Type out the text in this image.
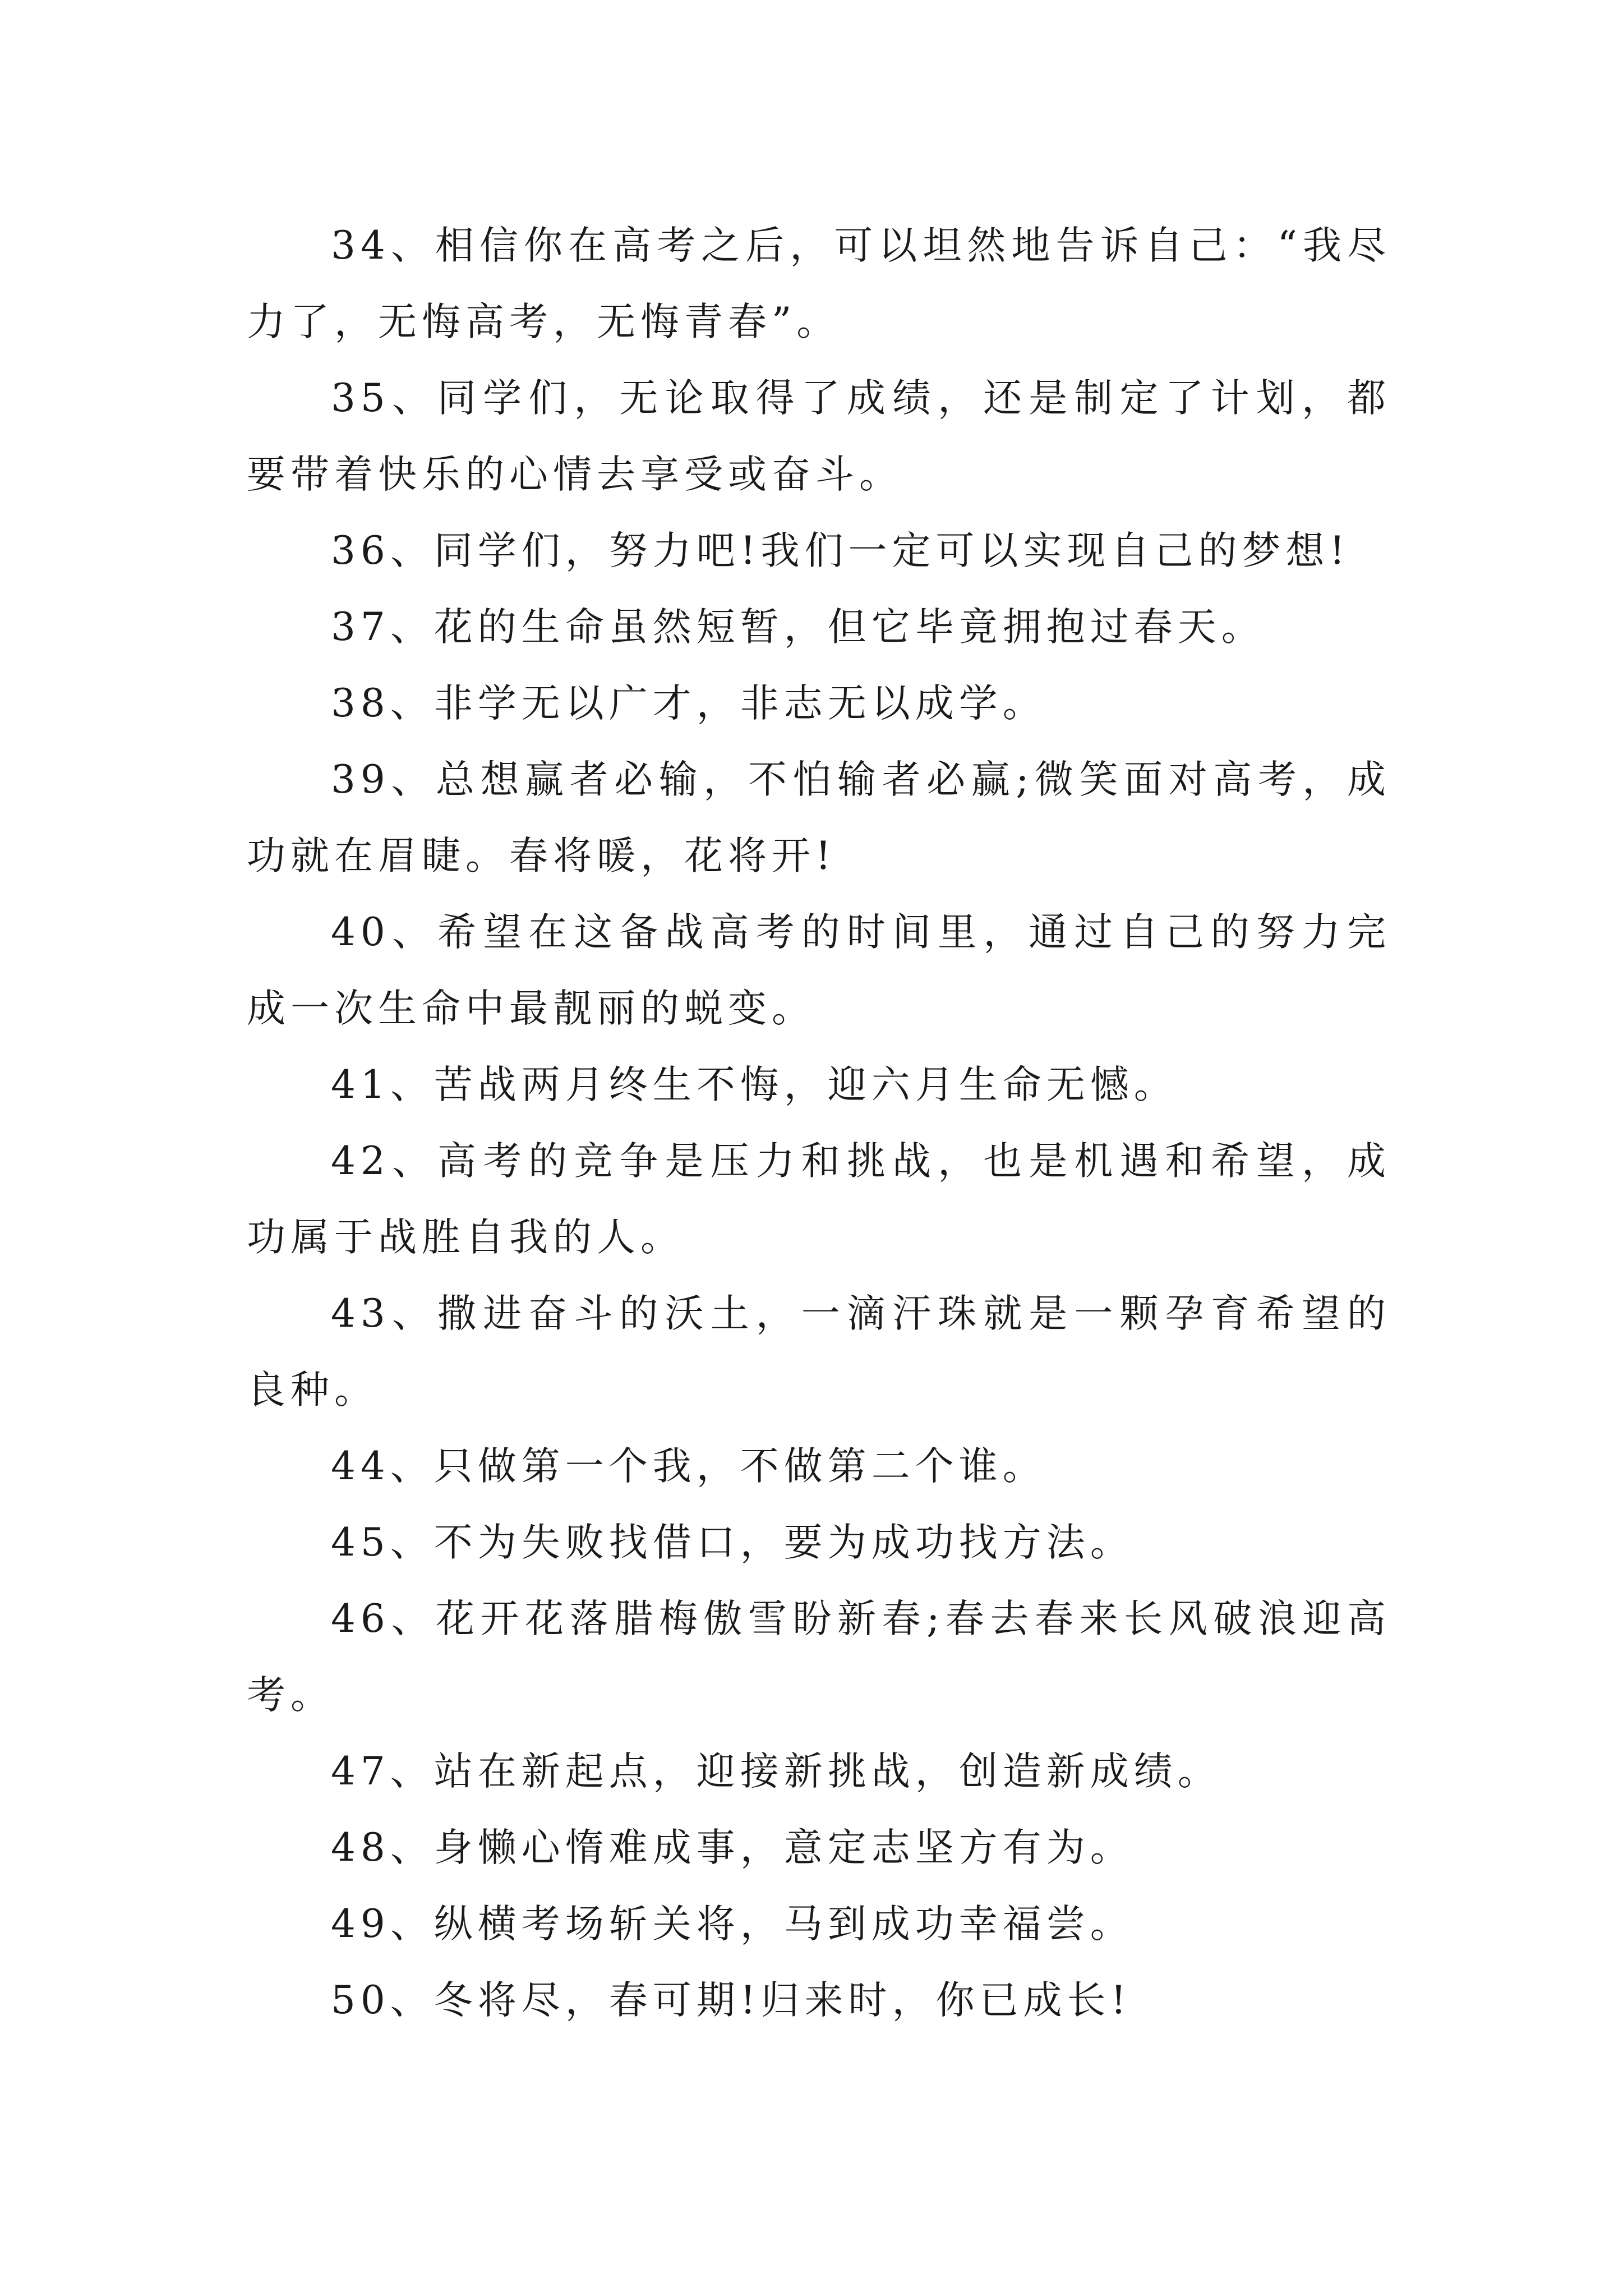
34、相信你在高考之后，可以坦然地告诉自己：“我尽力了，无悔高考，无悔青春”。

35、同学们，无论取得了成绩，还是制定了计划，都要带着快乐的心情去享受或奋斗。

36、同学们，努力吧!我们一定可以实现自己的梦想!

37、花的生命虽然短暂，但它毕竟拥抱过春天。

38、非学无以广才，非志无以成学。

39、总想赢者必输，不怕输者必赢;微笑面对高考，成功就在眉睫。春将暖，花将开!

40、希望在这备战高考的时间里，通过自己的努力完成一次生命中最靓丽的蜕变。

41、苦战两月终生不悔，迎六月生命无憾。

42、高考的竞争是压力和挑战，也是机遇和希望，成功属于战胜自我的人。

43、撒进奋斗的沃土，一滴汗珠就是一颗孕育希望的良种。

44、只做第一个我，不做第二个谁。

45、不为失败找借口，要为成功找方法。

46、花开花落腊梅傲雪盼新春;春去春来长风破浪迎高考。

47、站在新起点，迎接新挑战，创造新成绩。

48、身懒心惰难成事，意定志坚方有为。

49、纵横考场斩关将，马到成功幸福尝。

50、冬将尽，春可期!归来时，你已成长!
